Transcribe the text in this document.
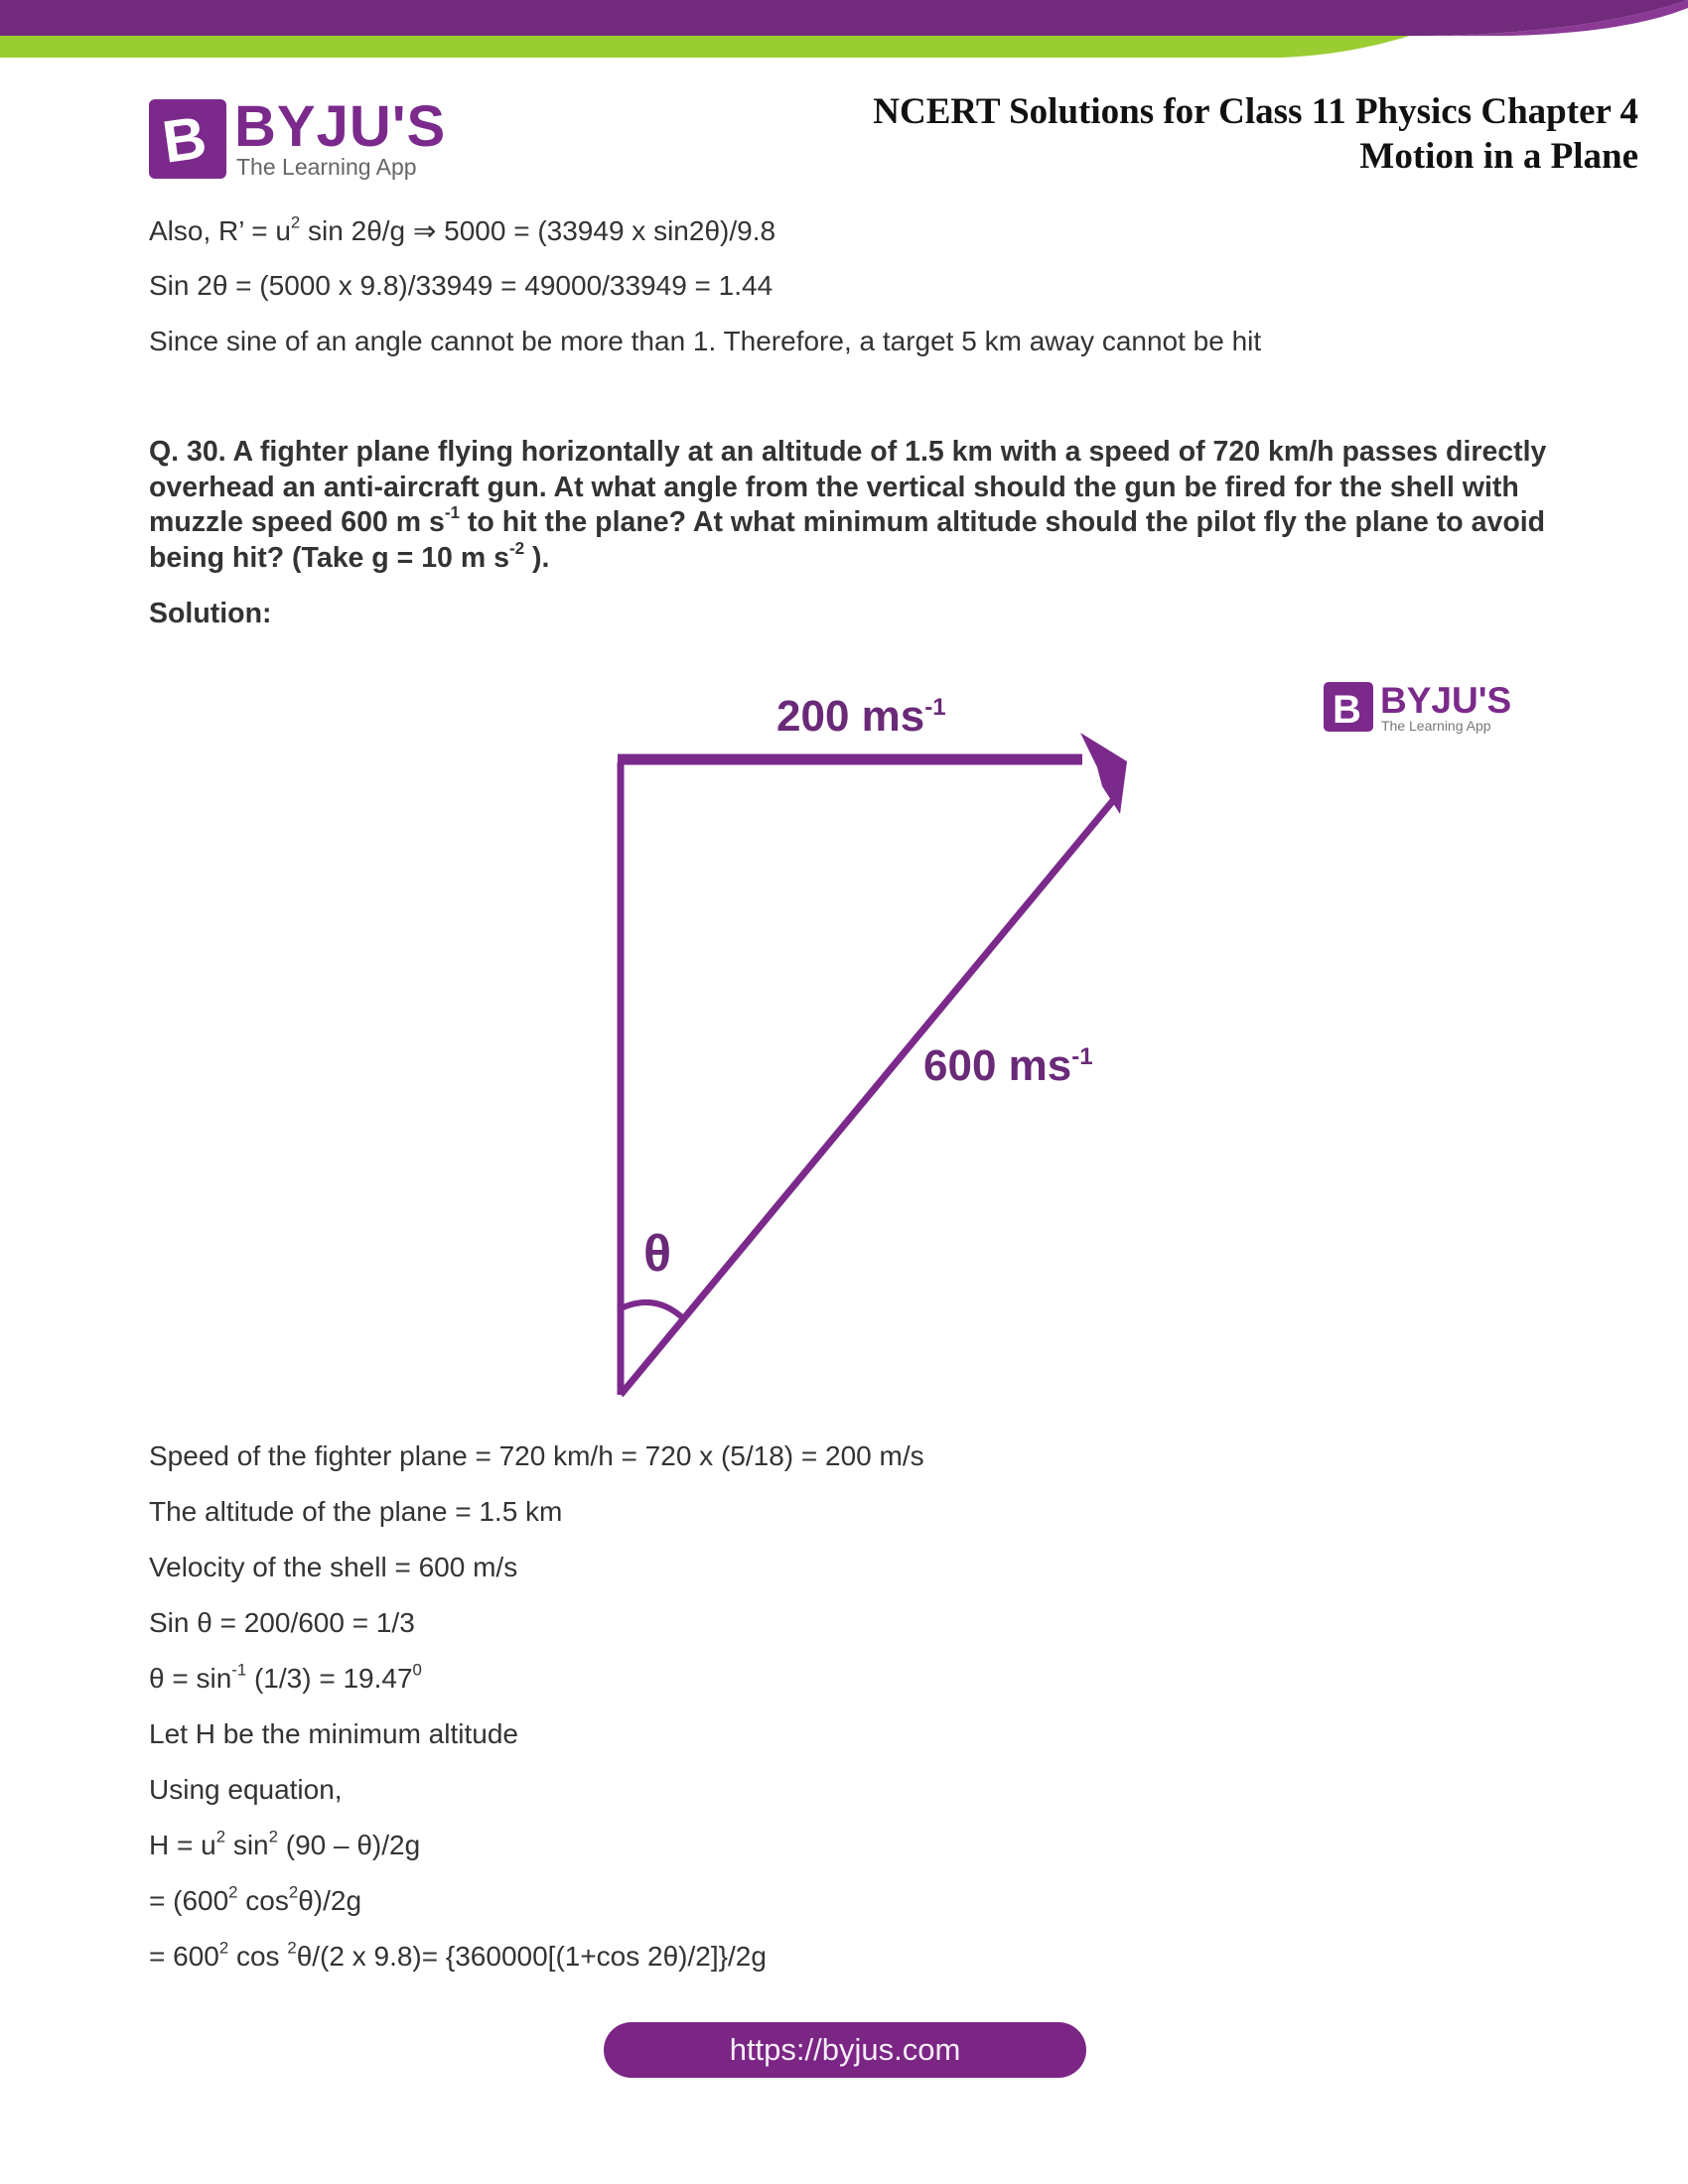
B BYJU'S
The Learning App
NCERT Solutions for Class 11 Physics Chapter 4
Motion in a Plane
Also, R’ = $u^2$ sin 2θ/g ⇒ 5000 = (33949 x sin2θ)/9.8
Sin 2θ = (5000 x 9.8)/33949 = 49000/33949 = 1.44
Since sine of an angle cannot be more than 1. Therefore, a target 5 km away cannot be hit
Q. 30. A fighter plane flying horizontally at an altitude of 1.5 km with a speed of 720 km/h passes directly overhead an anti-aircraft gun. At what angle from the vertical should the gun be fired for the shell with muzzle speed 600 m $s^{-1}$ to hit the plane? At what minimum altitude should the pilot fly the plane to avoid being hit? (Take g = 10 m $s^{-2}$ ).
Solution:
θ
200 $ms^{-1}$
600 $ms^{-1}$
B BYJU'S
The Learning App
Speed of the fighter plane = 720 km/h = 720 x (5/18) = 200 m/s
The altitude of the plane = 1.5 km
Velocity of the shell = 600 m/s
Sin θ = 200/600 = 1/3
$\theta = \sin^{-1} (1/3) = 19.47^0$
Let H be the minimum altitude
Using equation,
$H = u^2$ $\sin^2 (90 - \theta)/2g$
= ($600^2$ $\cos^2\theta)/2g$
= $600^2$ cos $^2$θ/(2 x 9.8)= {360000[(1+cos 2θ)/2]}/2g
https://byjus.com
